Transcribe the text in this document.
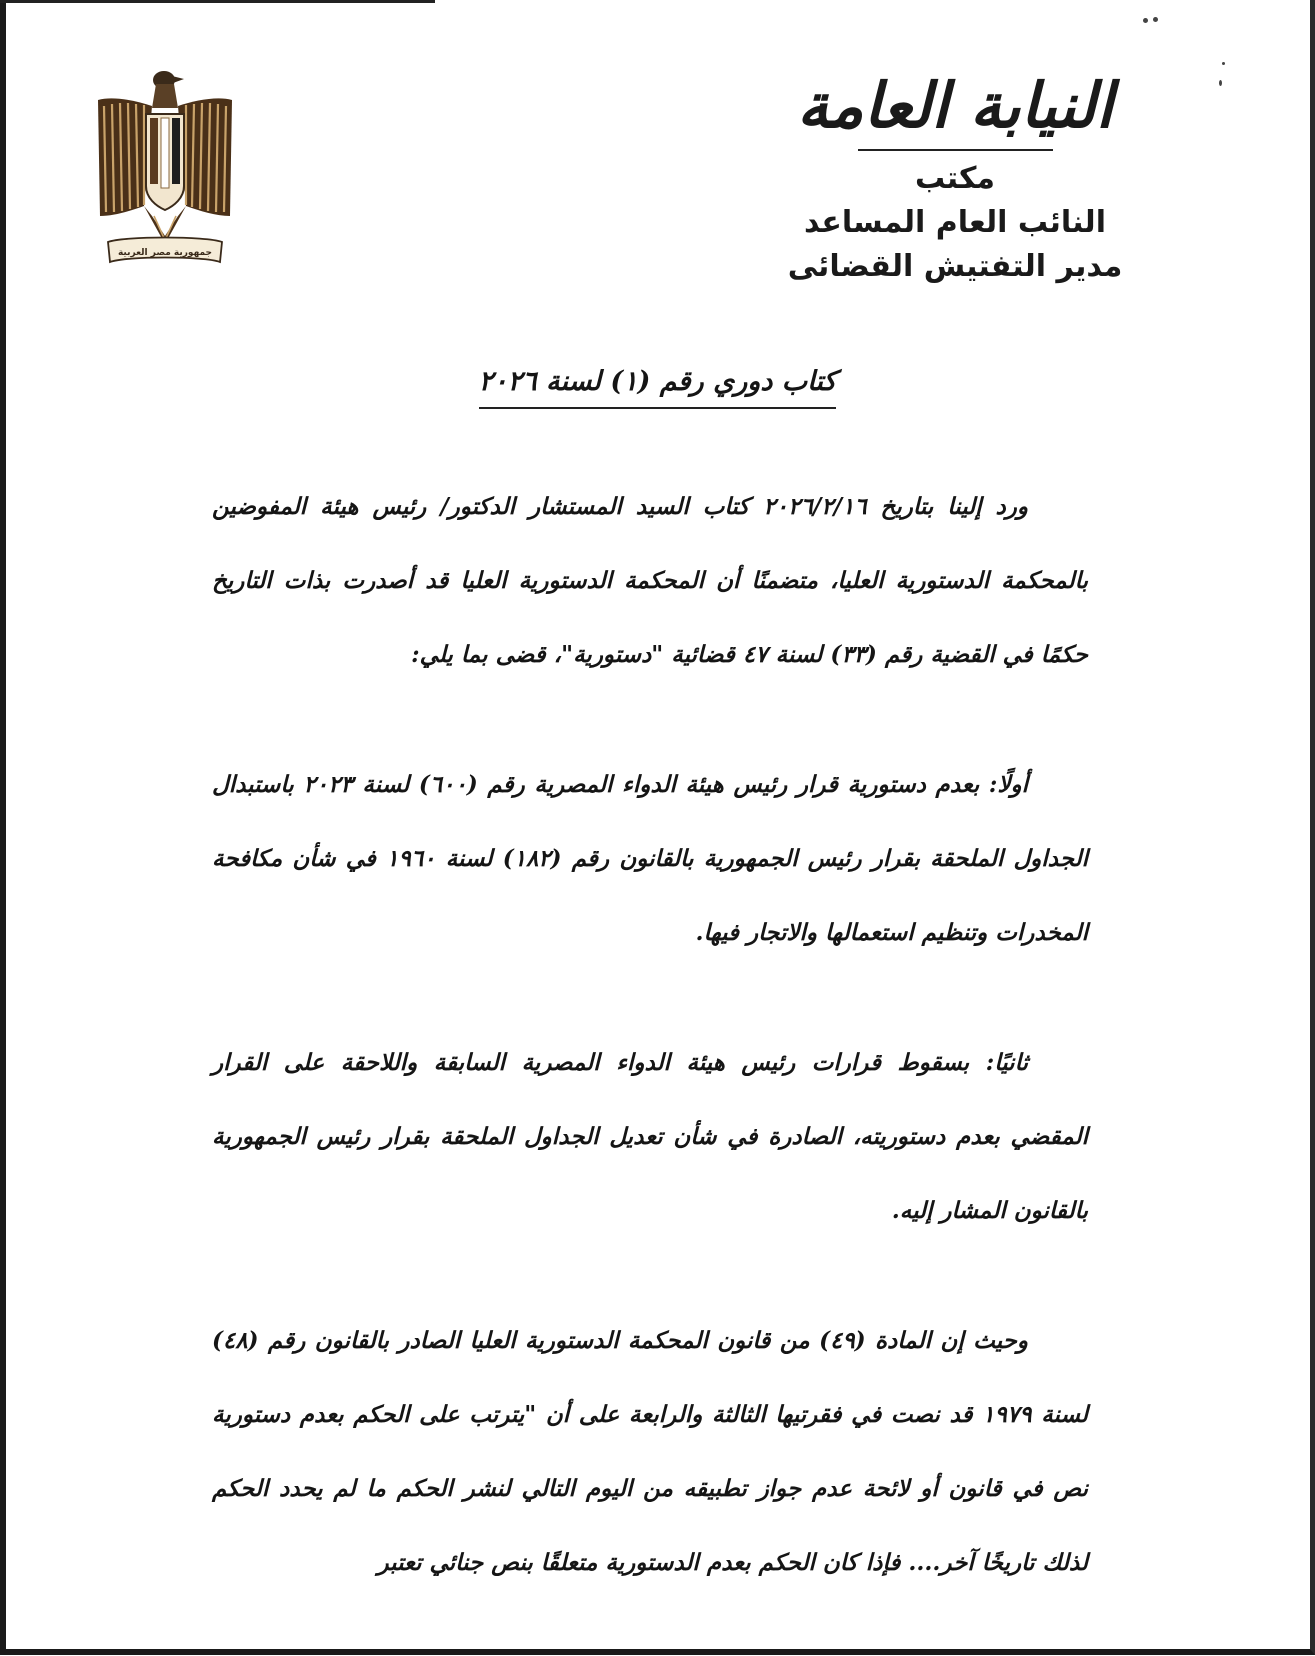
جمهورية مصر العربية
النيابة العامة
مكتب
النائب العام المساعد
مدير التفتيش القضائى
كتاب دوري رقم (١) لسنة ٢٠٢٦

ورد إلينا بتاريخ ٢٠٢٦/٢/١٦ كتاب السيد المستشار الدكتور/ رئيس هيئة المفوضين بالمحكمة الدستورية العليا، متضمنًا أن المحكمة الدستورية العليا قد أصدرت بذات التاريخ حكمًا في القضية رقم (٣٣) لسنة ٤٧ قضائية "دستورية"، قضى بما يلي:

أولًا: بعدم دستورية قرار رئيس هيئة الدواء المصرية رقم (٦٠٠) لسنة ٢٠٢٣ باستبدال الجداول الملحقة بقرار رئيس الجمهورية بالقانون رقم (١٨٢) لسنة ١٩٦٠ في شأن مكافحة المخدرات وتنظيم استعمالها والاتجار فيها.

ثانيًا: بسقوط قرارات رئيس هيئة الدواء المصرية السابقة واللاحقة على القرار المقضي بعدم دستوريته، الصادرة في شأن تعديل الجداول الملحقة بقرار رئيس الجمهورية بالقانون المشار إليه.

وحيث إن المادة (٤٩) من قانون المحكمة الدستورية العليا الصادر بالقانون رقم (٤٨) لسنة ١٩٧٩ قد نصت في فقرتيها الثالثة والرابعة على أن "يترتب على الحكم بعدم دستورية نص في قانون أو لائحة عدم جواز تطبيقه من اليوم التالي لنشر الحكم ما لم يحدد الحكم لذلك تاريخًا آخر.... فإذا كان الحكم بعدم الدستورية متعلقًا بنص جنائي تعتبر
